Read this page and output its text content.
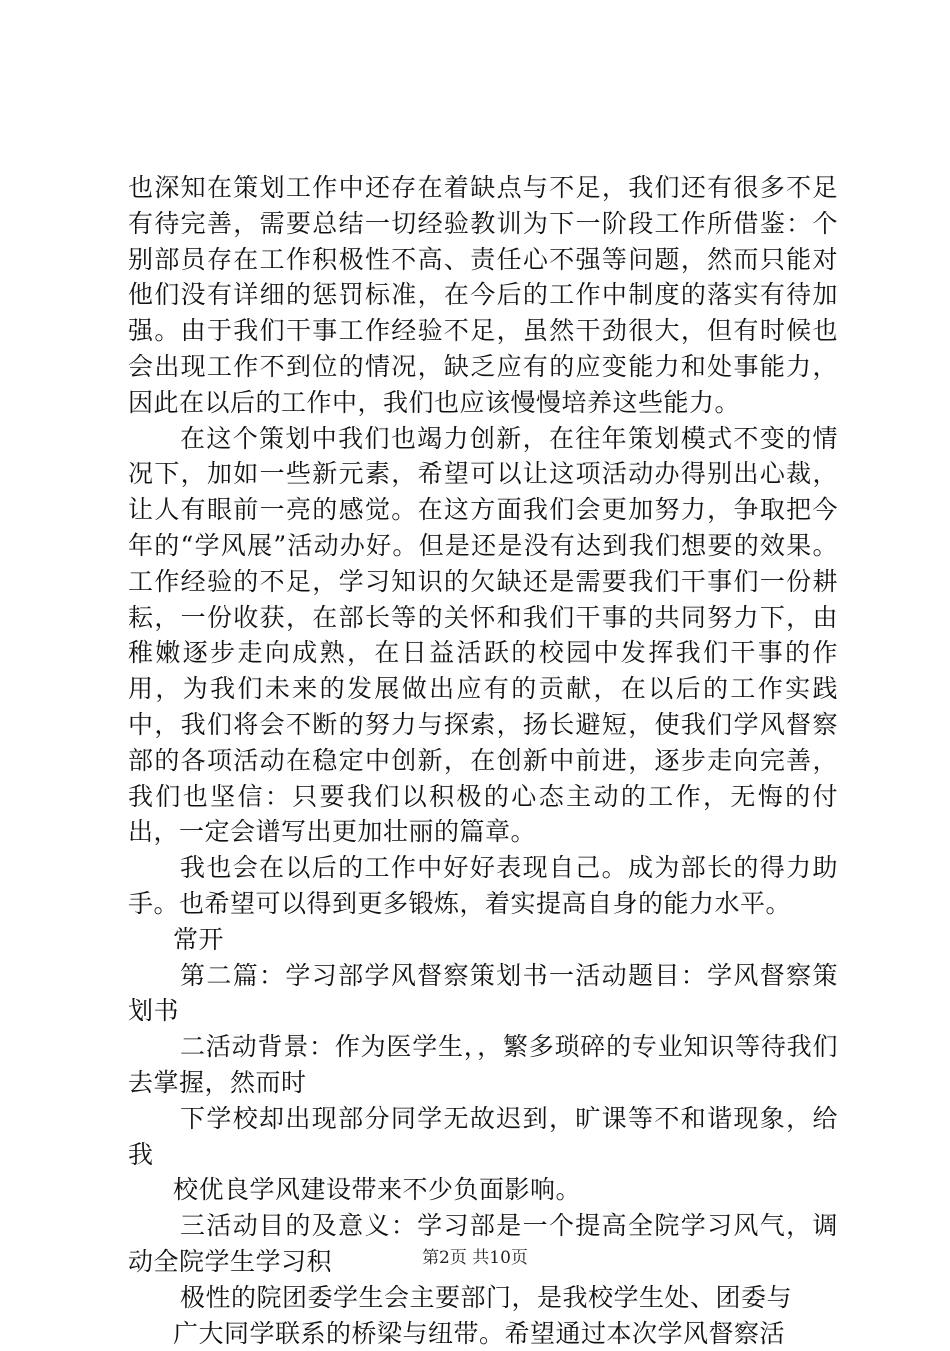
也深知在策划工作中还存在着缺点与不足，我们还有很多不足有待完善，需要总结一切经验教训为下一阶段工作所借鉴：个别部员存在工作积极性不高、责任心不强等问题，然而只能对他们没有详细的惩罚标准，在今后的工作中制度的落实有待加强。由于我们干事工作经验不足，虽然干劲很大，但有时候也会出现工作不到位的情况，缺乏应有的应变能力和处事能力，因此在以后的工作中，我们也应该慢慢培养这些能力。

在这个策划中我们也竭力创新，在往年策划模式不变的情况下，加如一些新元素，希望可以让这项活动办得别出心裁，让人有眼前一亮的感觉。在这方面我们会更加努力，争取把今年的“学风展”活动办好。但是还是没有达到我们想要的效果。工作经验的不足，学习知识的欠缺还是需要我们干事们一份耕耘，一份收获，在部长等的关怀和我们干事的共同努力下，由稚嫩逐步走向成熟，在日益活跃的校园中发挥我们干事的作用，为我们未来的发展做出应有的贡献，在以后的工作实践中，我们将会不断的努力与探索，扬长避短，使我们学风督察部的各项活动在稳定中创新，在创新中前进，逐步走向完善，我们也坚信：只要我们以积极的心态主动的工作，无悔的付出，一定会谱写出更加壮丽的篇章。

我也会在以后的工作中好好表现自己。成为部长的得力助手。也希望可以得到更多锻炼，着实提高自身的能力水平。

常开

第二篇：学习部学风督察策划书一活动题目：学风督察策划书

二活动背景：作为医学生，，繁多琐碎的专业知识等待我们去掌握，然而时

下学校却出现部分同学无故迟到，旷课等不和谐现象，给我

校优良学风建设带来不少负面影响。

三活动目的及意义：学习部是一个提高全院学习风气，调动全院学生学习积

极性的院团委学生会主要部门，是我校学生处、团委与

广大同学联系的桥梁与纽带。希望通过本次学风督察活

第2页 共10页
